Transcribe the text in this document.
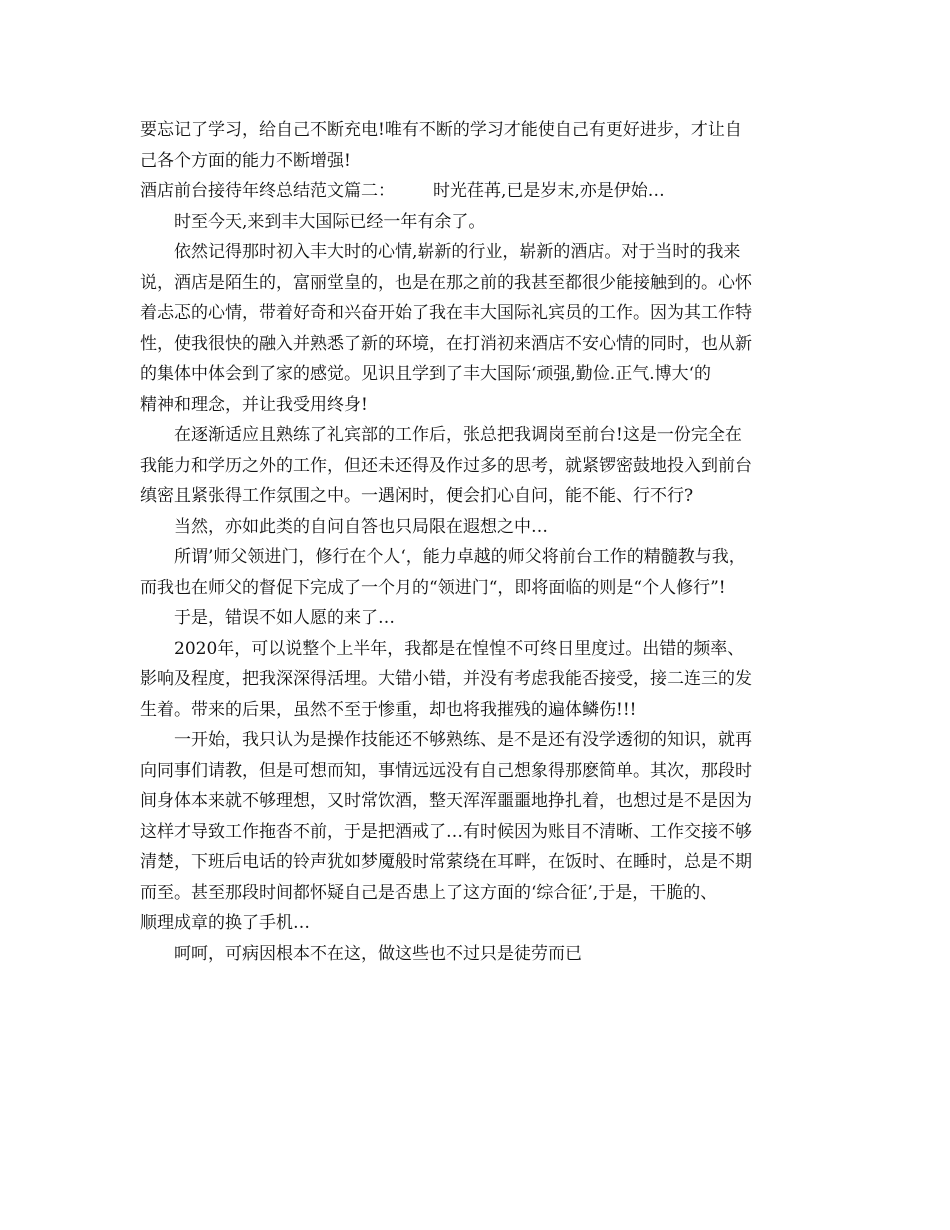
要忘记了学习，给自己不断充电!唯有不断的学习才能使自己有更好进步，才让自
己各个方面的能力不断增强!
酒店前台接待年终总结范文篇二： 时光荏苒,已是岁末,亦是伊始…
时至今天,来到丰大国际已经一年有余了。
依然记得那时初入丰大时的心情,崭新的行业，崭新的酒店。对于当时的我来
说，酒店是陌生的，富丽堂皇的，也是在那之前的我甚至都很少能接触到的。心怀
着忐忑的心情，带着好奇和兴奋开始了我在丰大国际礼宾员的工作。因为其工作特
性，使我很快的融入并熟悉了新的环境，在打消初来酒店不安心情的同时，也从新
的集体中体会到了家的感觉。见识且学到了丰大国际‘顽强,勤俭.正气.博大‘的
精神和理念，并让我受用终身!
在逐渐适应且熟练了礼宾部的工作后，张总把我调岗至前台!这是一份完全在
我能力和学历之外的工作，但还未还得及作过多的思考，就紧锣密鼓地投入到前台
缜密且紧张得工作氛围之中。一遇闲时，便会扪心自问，能不能、行不行?
当然，亦如此类的自问自答也只局限在遐想之中…
所谓’师父领进门，修行在个人‘，能力卓越的师父将前台工作的精髓教与我，
而我也在师父的督促下完成了一个月的“领进门“，即将面临的则是“个人修行”!
于是，错误不如人愿的来了…
2020年，可以说整个上半年，我都是在惶惶不可终日里度过。出错的频率、
影响及程度，把我深深得活埋。大错小错，并没有考虑我能否接受，接二连三的发
生着。带来的后果，虽然不至于惨重，却也将我摧残的遍体鳞伤!!!
一开始，我只认为是操作技能还不够熟练、是不是还有没学透彻的知识，就再
向同事们请教，但是可想而知，事情远远没有自己想象得那麽简单。其次，那段时
间身体本来就不够理想，又时常饮酒，整天浑浑噩噩地挣扎着，也想过是不是因为
这样才导致工作拖沓不前，于是把酒戒了…有时候因为账目不清晰、工作交接不够
清楚，下班后电话的铃声犹如梦魇般时常萦绕在耳畔，在饭时、在睡时，总是不期
而至。甚至那段时间都怀疑自己是否患上了这方面的‘综合征’,于是，干脆的、
顺理成章的换了手机…
呵呵，可病因根本不在这，做这些也不过只是徒劳而已
